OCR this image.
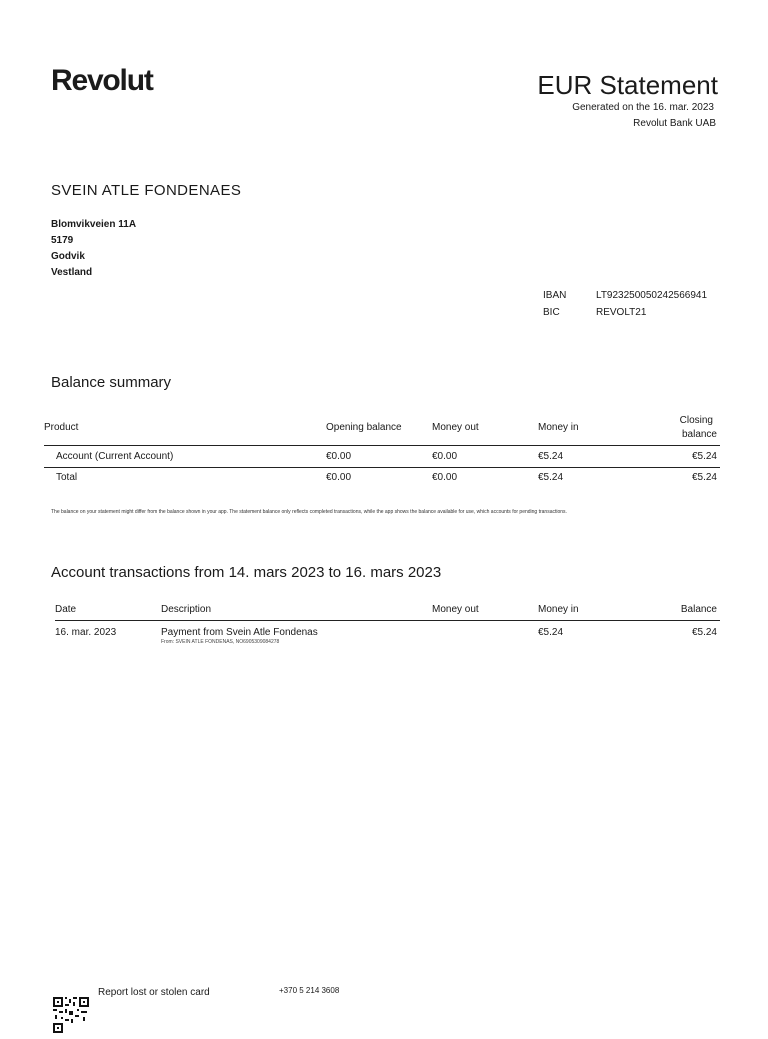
Revolut	EUR Statement
Generated on the 16. mar. 2023
Revolut Bank UAB
SVEIN ATLE FONDENAES
Blomvikveien 11A
5179
Godvik
Vestland
IBAN	LT923250050242566941
BIC	REVOLT21
Balance summary
Product	Opening balance	Money out	Money in	Closing
balance

Account (Current Account)	€0.00	€0.00	€5.24	€5.24
Total	€0.00	€0.00	€5.24	€5.24
The balance on your statement might differ from the balance shown in your app. The statement balance only reflects completed transactions, while the app shows the balance available for use, which accounts for pending transactions.
Account transactions from 14. mars 2023 to 16. mars 2023
Date	Description	Money out	Money in	Balance
16. mar. 2023	Payment from Svein Atle Fondenas
From: SVEIN ATLE FONDENAS, NO6905309084278		€5.24	€5.24
Report lost or stolen card	+370 5 214 3608
